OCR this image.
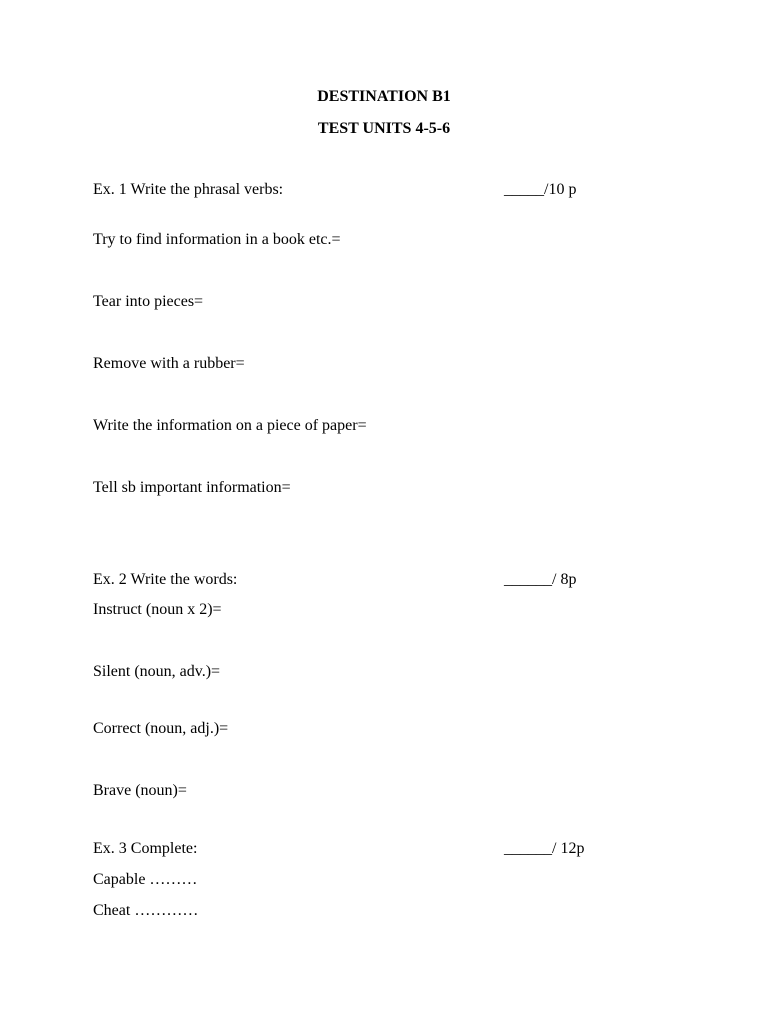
DESTINATION B1
TEST UNITS 4-5-6
Ex. 1 Write the phrasal verbs:	_____/10 p
Try to find information in a book etc.=
Tear into pieces=
Remove with a rubber=
Write the information on a piece of paper=
Tell sb important information=
Ex. 2 Write the words:	______/ 8p
Instruct (noun x 2)=
Silent (noun, adv.)=
Correct (noun, adj.)=
Brave (noun)=
Ex. 3 Complete:	______/ 12p
Capable ………
Cheat …………
